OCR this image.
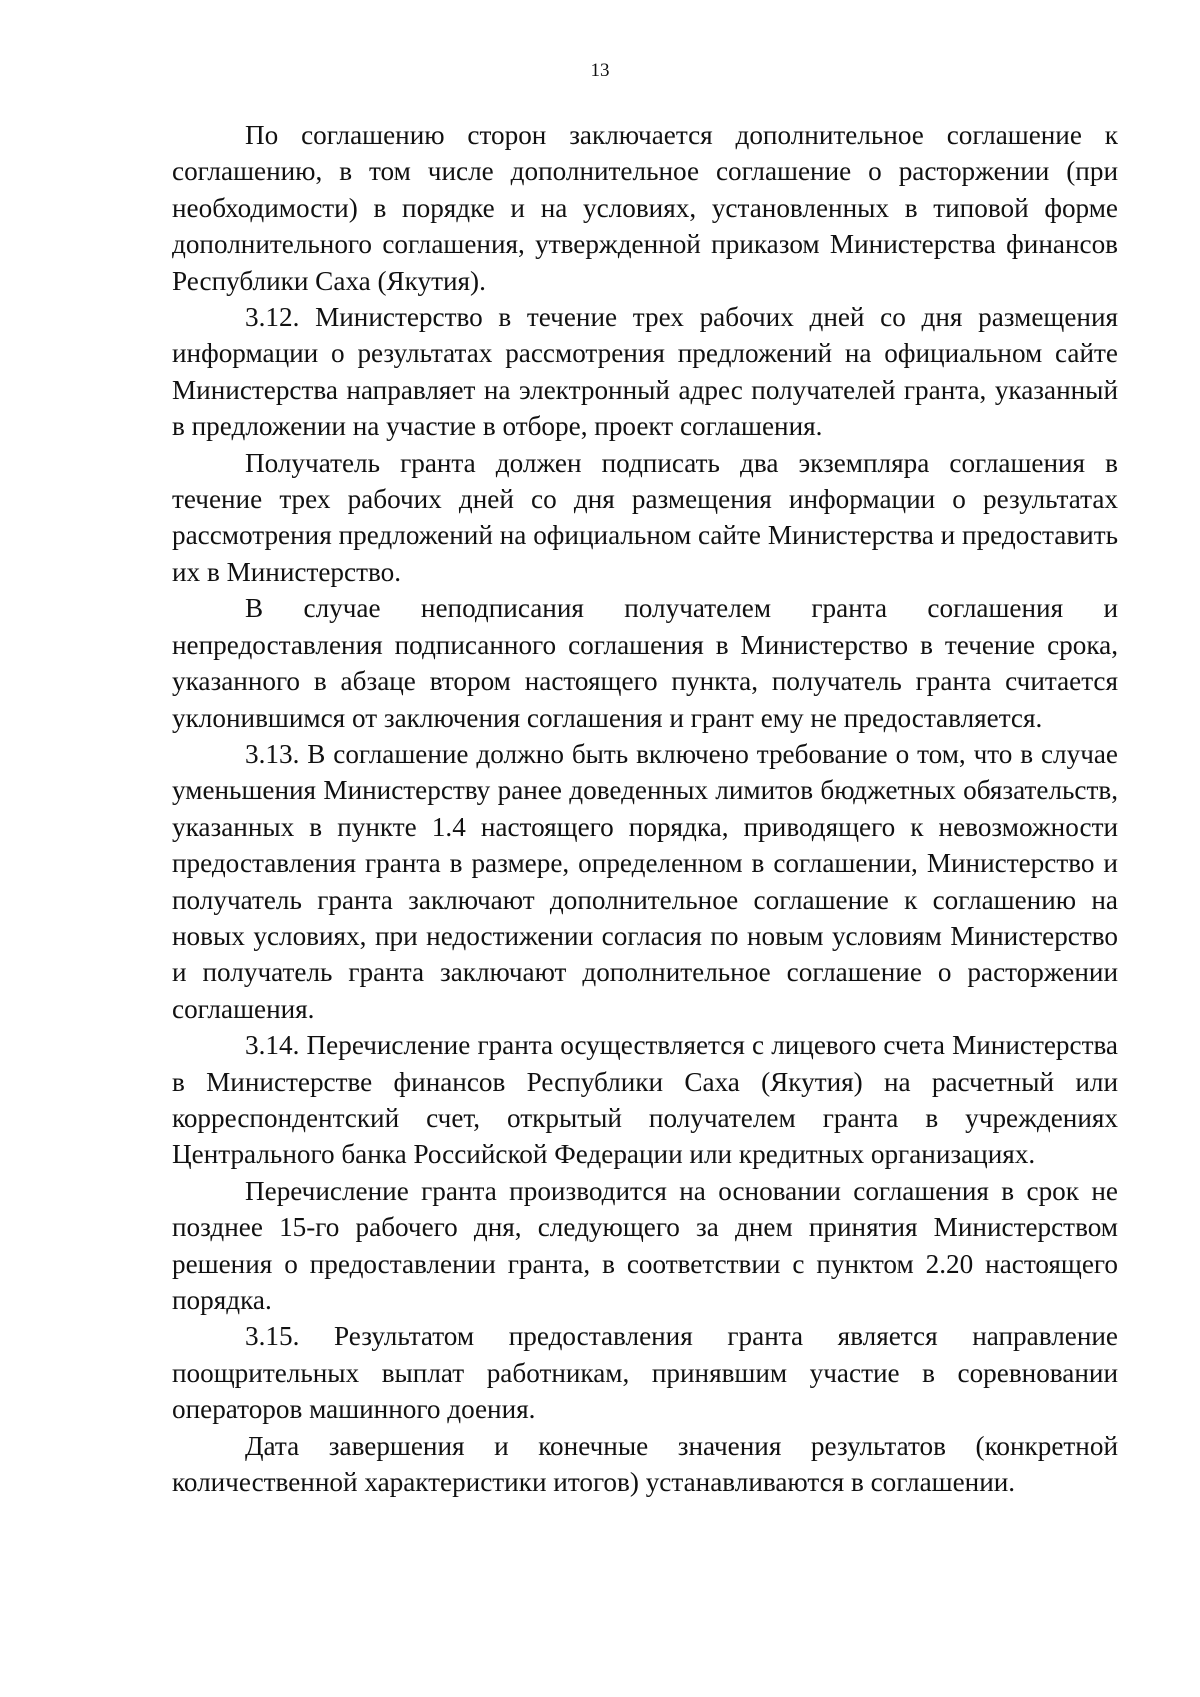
13

По соглашению сторон заключается дополнительное соглашение к соглашению, в том числе дополнительное соглашение о расторжении (при необходимости) в порядке и на условиях, установленных в типовой форме дополнительного соглашения, утвержденной приказом Министерства финансов Республики Саха (Якутия).

3.12. Министерство в течение трех рабочих дней со дня размещения информации о результатах рассмотрения предложений на официальном сайте Министерства направляет на электронный адрес получателей гранта, указанный в предложении на участие в отборе, проект соглашения.

Получатель гранта должен подписать два экземпляра соглашения в течение трех рабочих дней со дня размещения информации о результатах рассмотрения предложений на официальном сайте Министерства и предоставить их в Министерство.

В случае неподписания получателем гранта соглашения и непредоставления подписанного соглашения в Министерство в течение срока, указанного в абзаце втором настоящего пункта, получатель гранта считается уклонившимся от заключения соглашения и грант ему не предоставляется.

3.13. В соглашение должно быть включено требование о том, что в случае уменьшения Министерству ранее доведенных лимитов бюджетных обязательств, указанных в пункте 1.4 настоящего порядка, приводящего к невозможности предоставления гранта в размере, определенном в соглашении, Министерство и получатель гранта заключают дополнительное соглашение к соглашению на новых условиях, при недостижении согласия по новым условиям Министерство и получатель гранта заключают дополнительное соглашение о расторжении соглашения.

3.14. Перечисление гранта осуществляется с лицевого счета Министерства в Министерстве финансов Республики Саха (Якутия) на расчетный или корреспондентский счет, открытый получателем гранта в учреждениях Центрального банка Российской Федерации или кредитных организациях.

Перечисление гранта производится на основании соглашения в срок не позднее 15-го рабочего дня, следующего за днем принятия Министерством решения о предоставлении гранта, в соответствии с пунктом 2.20 настоящего порядка.

3.15. Результатом предоставления гранта является направление поощрительных выплат работникам, принявшим участие в соревновании операторов машинного доения.

Дата завершения и конечные значения результатов (конкретной количественной характеристики итогов) устанавливаются в соглашении.
